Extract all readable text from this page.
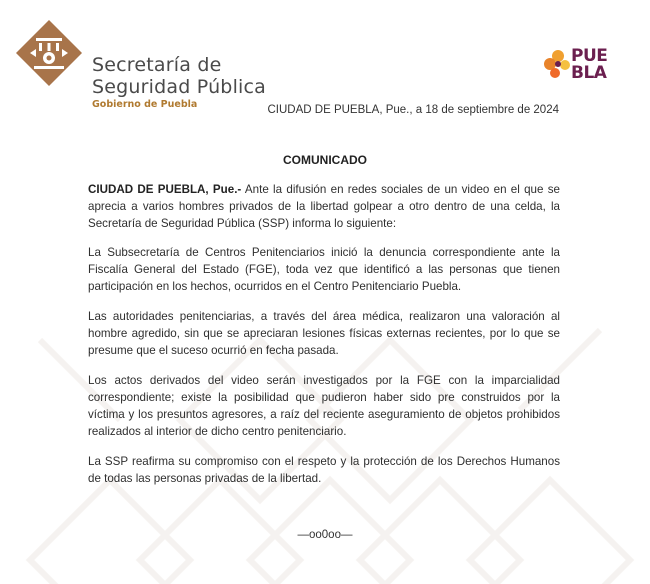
Secretaría de
Seguridad Pública
Gobierno de Puebla
PUE
BLA
CIUDAD DE PUEBLA, Pue., a 18 de septiembre de 2024
COMUNICADO

CIUDAD DE PUEBLA, Pue.- Ante la difusión en redes sociales de un video en el que se aprecia a varios hombres privados de la libertad golpear a otro dentro de una celda, la Secretaría de Seguridad Pública (SSP) informa lo siguiente:

La Subsecretaría de Centros Penitenciarios inició la denuncia correspondiente ante la Fiscalía General del Estado (FGE), toda vez que identificó a las personas que tienen participación en los hechos, ocurridos en el Centro Penitenciario Puebla.

Las autoridades penitenciarias, a través del área médica, realizaron una valoración al hombre agredido, sin que se apreciaran lesiones físicas externas recientes, por lo que se presume que el suceso ocurrió en fecha pasada.

Los actos derivados del video serán investigados por la FGE con la imparcialidad correspondiente; existe la posibilidad que pudieron haber sido pre construidos por la víctima y los presuntos agresores, a raíz del reciente aseguramiento de objetos prohibidos realizados al interior de dicho centro penitenciario.

La SSP reafirma su compromiso con el respeto y la protección de los Derechos Humanos de todas las personas privadas de la libertad.

—oo0oo—
